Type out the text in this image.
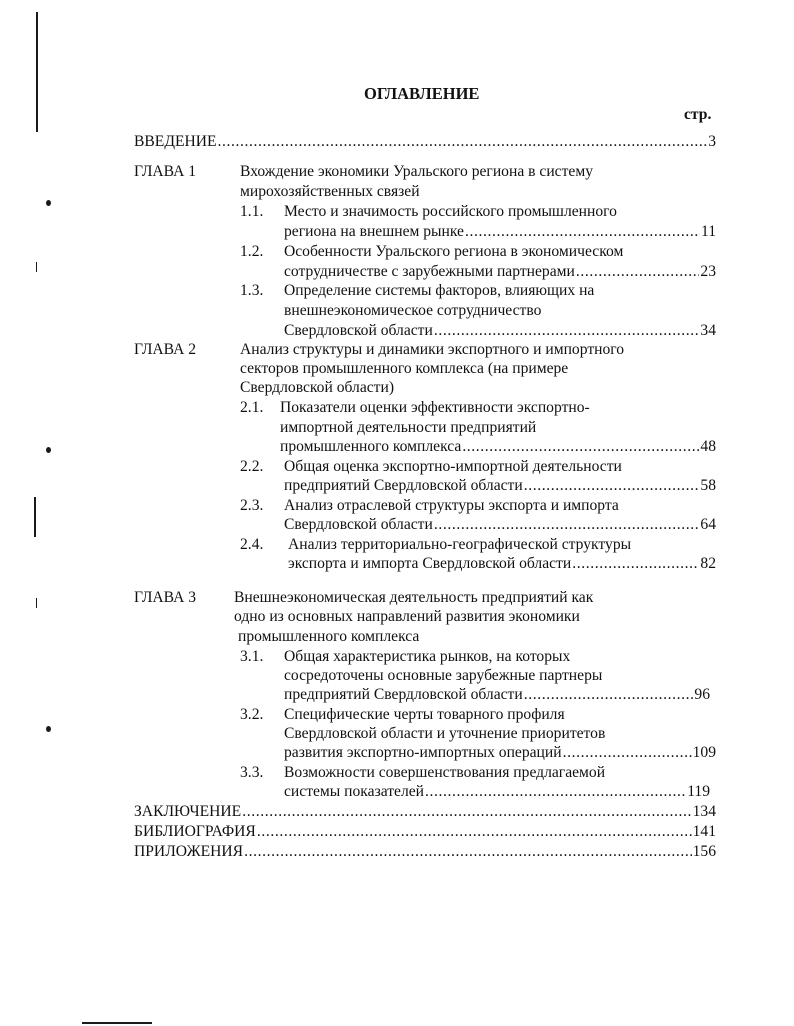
ОГЛАВЛЕНИЕ
стр.
ВВЕДЕНИЕ .....	3
ГЛАВА 1	Вхождение экономики Уральского региона в систему
мирохозяйственных связей
1.1. Место и значимость российского промышленного
региона на внешнем рынке .....	11
1.2. Особенности Уральского региона в экономическом
сотрудничестве с зарубежными партнерами .....	23
1.3. Определение системы факторов, влияющих на
внешнеэкономическое сотрудничество
Свердловской области .....	34
ГЛАВА 2	Анализ структуры и динамики экспортного и импортного
секторов промышленного комплекса (на примере
Свердловской области)
2.1. Показатели оценки эффективности экспортно-
импортной деятельности предприятий
промышленного комплекса .....	48
2.2. Общая оценка экспортно-импортной деятельности
предприятий Свердловской области .....	58
2.3. Анализ отраслевой структуры экспорта и импорта
Свердловской области .....	64
2.4. Анализ территориально-географической структуры
экспорта и импорта Свердловской области .....	82
ГЛАВА 3 Внешнеэкономическая деятельность предприятий как
одно из основных направлений развития экономики
промышленного комплекса
3.1. Общая характеристика рынков, на которых
сосредоточены основные зарубежные партнеры
предприятий Свердловской области .....	96
3.2. Специфические черты товарного профиля
Свердловской области и уточнение приоритетов
развития экспортно-импортных операций .....	109
3.3. Возможности совершенствования предлагаемой
системы показателей .....	119
ЗАКЛЮЧЕНИЕ .....	134
БИБЛИОГРАФИЯ .....	141
ПРИЛОЖЕНИЯ .....	156
